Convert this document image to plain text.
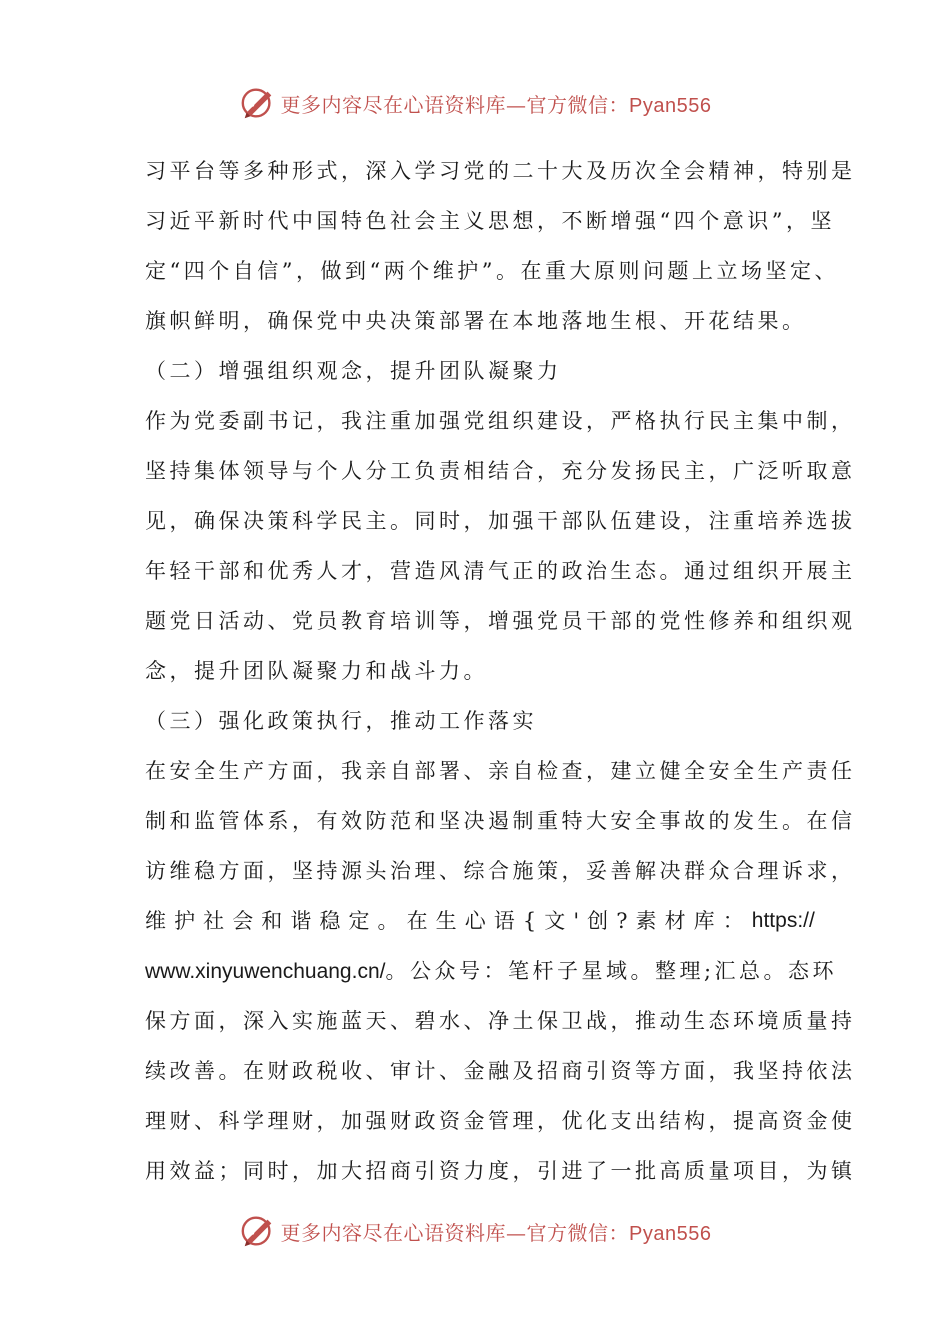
更多内容尽在心语资料库—官方微信：Pyan556
习平台等多种形式，深入学习党的二十大及历次全会精神，特别是
习近平新时代中国特色社会主义思想，不断增强“四个意识”，坚
定“四个自信”，做到“两个维护”。在重大原则问题上立场坚定、
旗帜鲜明，确保党中央决策部署在本地落地生根、开花结果。
（二）增强组织观念，提升团队凝聚力
作为党委副书记，我注重加强党组织建设，严格执行民主集中制，
坚持集体领导与个人分工负责相结合，充分发扬民主，广泛听取意
见，确保决策科学民主。同时，加强干部队伍建设，注重培养选拔
年轻干部和优秀人才，营造风清气正的政治生态。通过组织开展主
题党日活动、党员教育培训等，增强党员干部的党性修养和组织观
念，提升团队凝聚力和战斗力。
（三）强化政策执行，推动工作落实
在安全生产方面，我亲自部署、亲自检查，建立健全安全生产责任
制和监管体系，有效防范和坚决遏制重特大安全事故的发生。在信
访维稳方面，坚持源头治理、综合施策，妥善解决群众合理诉求，
维 护 社 会 和 谐 稳 定 。 在 生 心 语 { 文 ' 创 ? 素 材 库 ： https://
www.xinyuwenchuang.cn/。公众号：笔杆子星域。整理;汇总。态环
保方面，深入实施蓝天、碧水、净土保卫战，推动生态环境质量持
续改善。在财政税收、审计、金融及招商引资等方面，我坚持依法
理财、科学理财，加强财政资金管理，优化支出结构，提高资金使
用效益；同时，加大招商引资力度，引进了一批高质量项目，为镇
更多内容尽在心语资料库—官方微信：Pyan556
